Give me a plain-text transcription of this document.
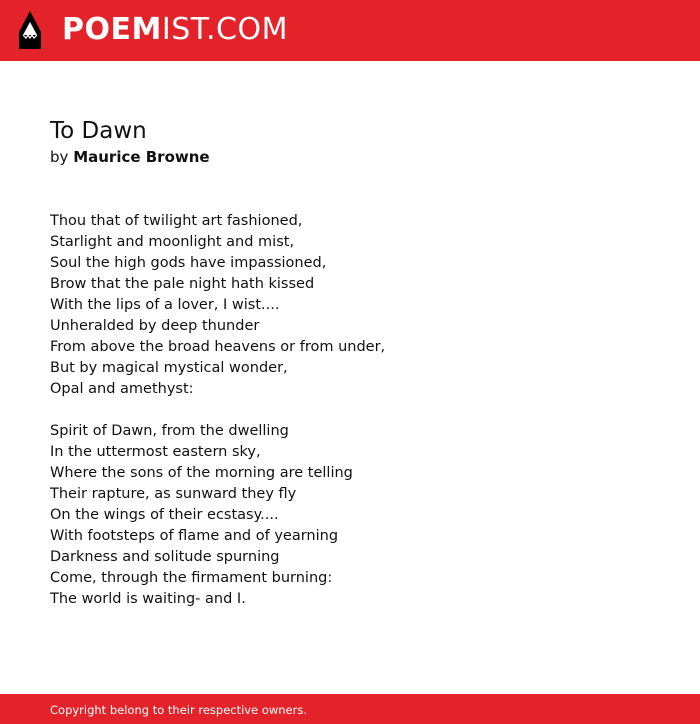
POEMIST.COM
To Dawn
by Maurice Browne
Thou that of twilight art fashioned,
Starlight and moonlight and mist,
Soul the high gods have impassioned,
Brow that the pale night hath kissed
With the lips of a lover, I wist....
Unheralded by deep thunder
From above the broad heavens or from under,
But by magical mystical wonder,
Opal and amethyst:
Spirit of Dawn, from the dwelling
In the uttermost eastern sky,
Where the sons of the morning are telling
Their rapture, as sunward they fly
On the wings of their ecstasy....
With footsteps of flame and of yearning
Darkness and solitude spurning
Come, through the firmament burning:
The world is waiting- and I.
Copyright belong to their respective owners.
